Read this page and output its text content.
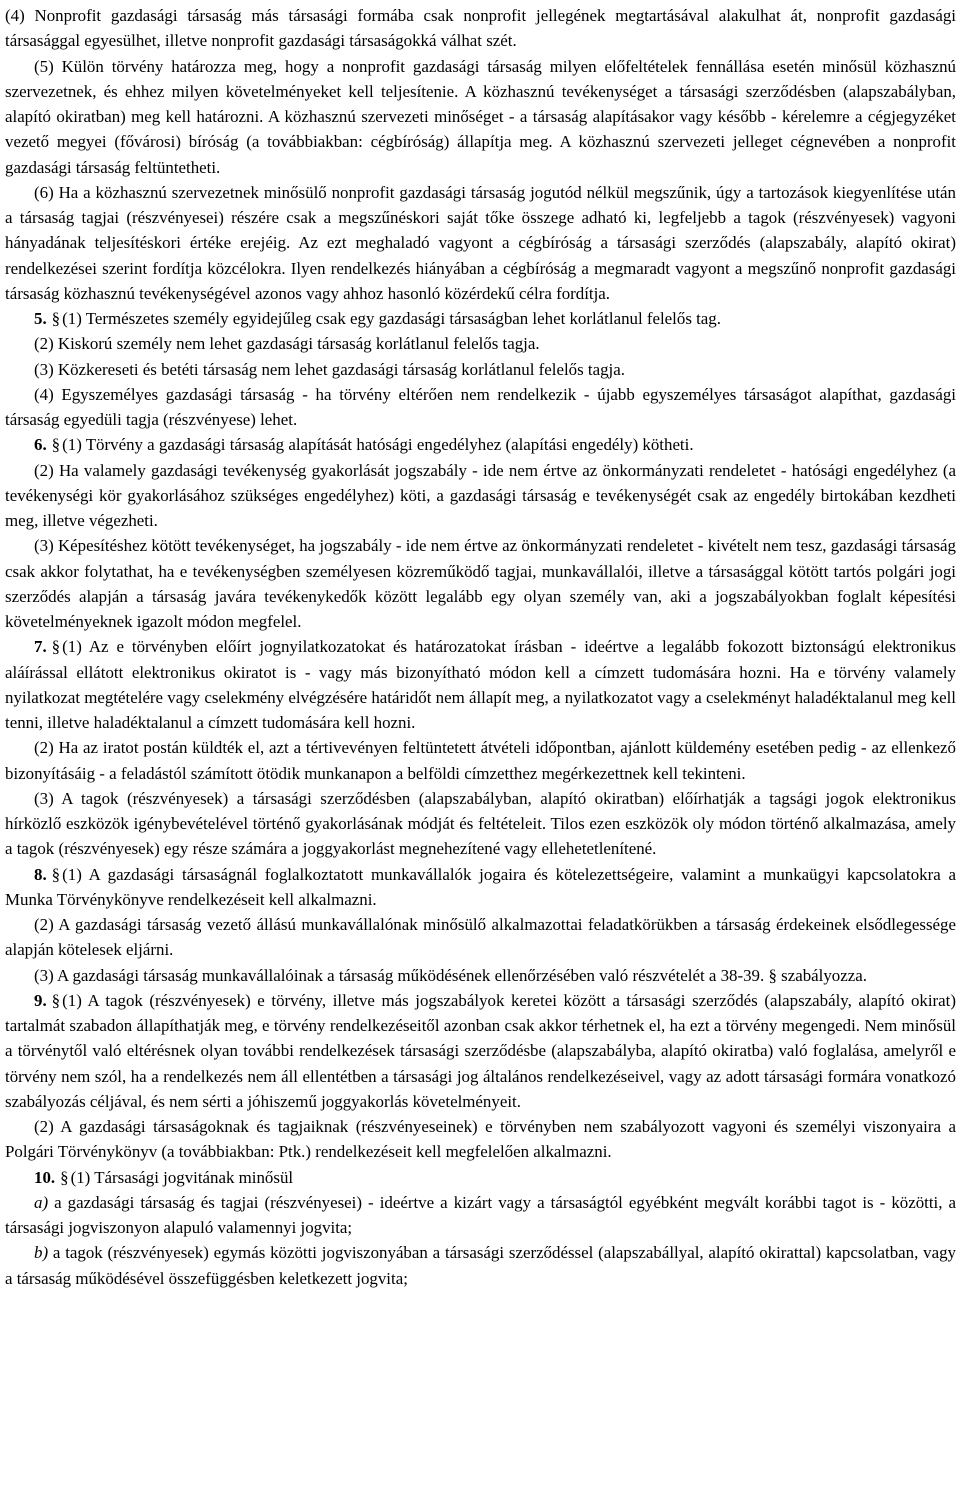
(4) Nonprofit gazdasági társaság más társasági formába csak nonprofit jellegének megtartásával alakulhat át, nonprofit gazdasági társasággal egyesülhet, illetve nonprofit gazdasági társaságokká válhat szét.

(5) Külön törvény határozza meg, hogy a nonprofit gazdasági társaság milyen előfeltételek fennállása esetén minősül közhasznú szervezetnek, és ehhez milyen követelményeket kell teljesítenie. A közhasznú tevékenységet a társasági szerződésben (alapszabályban, alapító okiratban) meg kell határozni. A közhasznú szervezeti minőséget - a társaság alapításakor vagy később - kérelemre a cégjegyzéket vezető megyei (fővárosi) bíróság (a továbbiakban: cégbíróság) állapítja meg. A közhasznú szervezeti jelleget cégnevében a nonprofit gazdasági társaság feltüntetheti.

(6) Ha a közhasznú szervezetnek minősülő nonprofit gazdasági társaság jogutód nélkül megszűnik, úgy a tartozások kiegyenlítése után a társaság tagjai (részvényesei) részére csak a megszűnéskori saját tőke összege adható ki, legfeljebb a tagok (részvényesek) vagyoni hányadának teljesítéskori értéke erejéig. Az ezt meghaladó vagyont a cégbíróság a társasági szerződés (alapszabály, alapító okirat) rendelkezései szerint fordítja közcélokra. Ilyen rendelkezés hiányában a cégbíróság a megmaradt vagyont a megszűnő nonprofit gazdasági társaság közhasznú tevékenységével azonos vagy ahhoz hasonló közérdekű célra fordítja.

5. § (1) Természetes személy egyidejűleg csak egy gazdasági társaságban lehet korlátlanul felelős tag.

(2) Kiskorú személy nem lehet gazdasági társaság korlátlanul felelős tagja.

(3) Közkereseti és betéti társaság nem lehet gazdasági társaság korlátlanul felelős tagja.

(4) Egyszemélyes gazdasági társaság - ha törvény eltérően nem rendelkezik - újabb egyszemélyes társaságot alapíthat, gazdasági társaság egyedüli tagja (részvényese) lehet.

6. § (1) Törvény a gazdasági társaság alapítását hatósági engedélyhez (alapítási engedély) kötheti.

(2) Ha valamely gazdasági tevékenység gyakorlását jogszabály - ide nem értve az önkormányzati rendeletet - hatósági engedélyhez (a tevékenységi kör gyakorlásához szükséges engedélyhez) köti, a gazdasági társaság e tevékenységét csak az engedély birtokában kezdheti meg, illetve végezheti.

(3) Képesítéshez kötött tevékenységet, ha jogszabály - ide nem értve az önkormányzati rendeletet - kivételt nem tesz, gazdasági társaság csak akkor folytathat, ha e tevékenységben személyesen közreműködő tagjai, munkavállalói, illetve a társasággal kötött tartós polgári jogi szerződés alapján a társaság javára tevékenykedők között legalább egy olyan személy van, aki a jogszabályokban foglalt képesítési követelményeknek igazolt módon megfelel.

7. § (1) Az e törvényben előírt jognyilatkozatokat és határozatokat írásban - ideértve a legalább fokozott biztonságú elektronikus aláírással ellátott elektronikus okiratot is - vagy más bizonyítható módon kell a címzett tudomására hozni. Ha e törvény valamely nyilatkozat megtételére vagy cselekmény elvégzésére határidőt nem állapít meg, a nyilatkozatot vagy a cselekményt haladéktalanul meg kell tenni, illetve haladéktalanul a címzett tudomására kell hozni.

(2) Ha az iratot postán küldték el, azt a tértivevényen feltüntetett átvételi időpontban, ajánlott küldemény esetében pedig - az ellenkező bizonyításáig - a feladástól számított ötödik munkanapon a belföldi címzetthez megérkezettnek kell tekinteni.

(3) A tagok (részvényesek) a társasági szerződésben (alapszabályban, alapító okiratban) előírhatják a tagsági jogok elektronikus hírközlő eszközök igénybevételével történő gyakorlásának módját és feltételeit. Tilos ezen eszközök oly módon történő alkalmazása, amely a tagok (részvényesek) egy része számára a joggyakorlást megnehezítené vagy ellehetetlenítené.

8. § (1) A gazdasági társaságnál foglalkoztatott munkavállalók jogaira és kötelezettségeire, valamint a munkaügyi kapcsolatokra a Munka Törvénykönyve rendelkezéseit kell alkalmazni.

(2) A gazdasági társaság vezető állású munkavállalónak minősülő alkalmazottai feladatkörükben a társaság érdekeinek elsődlegessége alapján kötelesek eljárni.

(3) A gazdasági társaság munkavállalóinak a társaság működésének ellenőrzésében való részvételét a 38-39. § szabályozza.

9. § (1) A tagok (részvényesek) e törvény, illetve más jogszabályok keretei között a társasági szerződés (alapszabály, alapító okirat) tartalmát szabadon állapíthatják meg, e törvény rendelkezéseitől azonban csak akkor térhetnek el, ha ezt a törvény megengedi. Nem minősül a törvénytől való eltérésnek olyan további rendelkezések társasági szerződésbe (alapszabályba, alapító okiratba) való foglalása, amelyről e törvény nem szól, ha a rendelkezés nem áll ellentétben a társasági jog általános rendelkezéseivel, vagy az adott társasági formára vonatkozó szabályozás céljával, és nem sérti a jóhiszemű joggyakorlás követelményeit.

(2) A gazdasági társaságoknak és tagjaiknak (részvényeseinek) e törvényben nem szabályozott vagyoni és személyi viszonyaira a Polgári Törvénykönyv (a továbbiakban: Ptk.) rendelkezéseit kell megfelelően alkalmazni.

10. § (1) Társasági jogvitának minősül

a) a gazdasági társaság és tagjai (részvényesei) - ideértve a kizárt vagy a társaságtól egyébként megvált korábbi tagot is - közötti, a társasági jogviszonyon alapuló valamennyi jogvita;

b) a tagok (részvényesek) egymás közötti jogviszonyában a társasági szerződéssel (alapszabállyal, alapító okirattal) kapcsolatban, vagy a társaság működésével összefüggésben keletkezett jogvita;
